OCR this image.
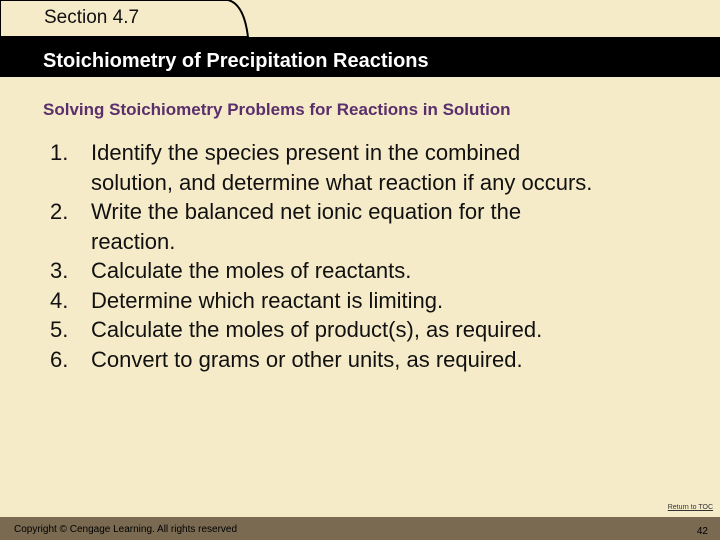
Section 4.7
Stoichiometry of Precipitation Reactions
Solving Stoichiometry Problems for Reactions in Solution
1.	Identify the species present in the combined solution, and determine what reaction if any occurs.
2.	Write the balanced net ionic equation for the reaction.
3.	Calculate the moles of reactants.
4.	Determine which reactant is limiting.
5.	Calculate the moles of product(s), as required.
6.	Convert to grams or other units, as required.
Return to TOC
Copyright © Cengage Learning. All rights reserved	42
